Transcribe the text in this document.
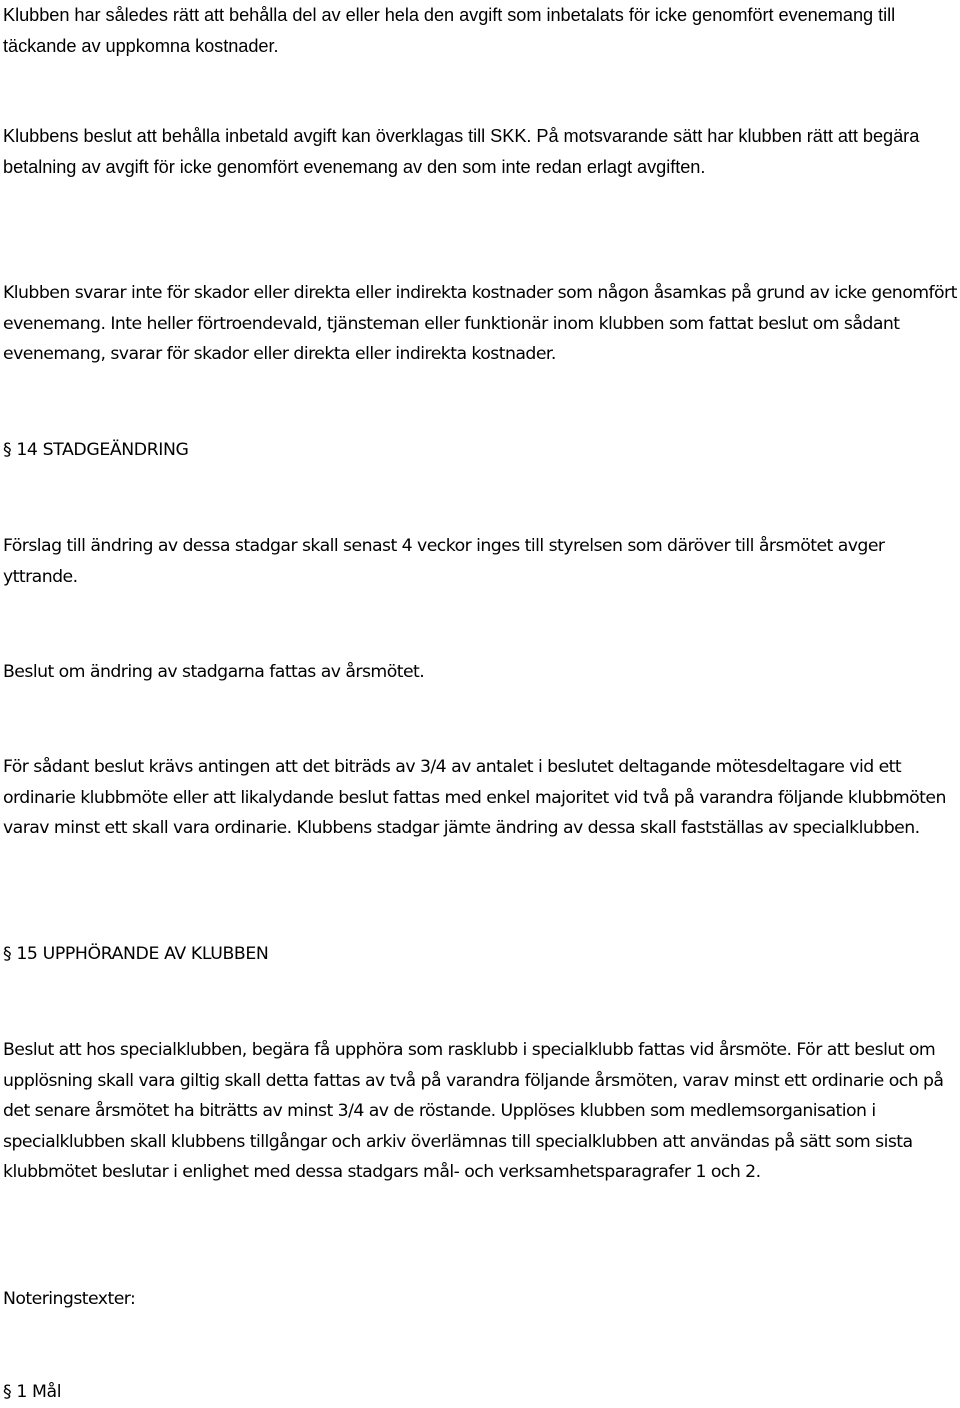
Klubben har således rätt att behålla del av eller hela den avgift som inbetalats för icke genomfört evenemang till täckande av uppkomna kostnader.

Klubbens beslut att behålla inbetald avgift kan överklagas till SKK. På motsvarande sätt har klubben rätt att begära betalning av avgift för icke genomfört evenemang av den som inte redan erlagt avgiften.

Klubben svarar inte för skador eller direkta eller indirekta kostnader som någon åsamkas på grund av icke genomfört evenemang. Inte heller förtroendevald, tjänsteman eller funktionär inom klubben som fattat beslut om sådant evenemang, svarar för skador eller direkta eller indirekta kostnader.

§ 14 STADGEÄNDRING

Förslag till ändring av dessa stadgar skall senast 4 veckor inges till styrelsen som däröver till årsmötet avger yttrande.

Beslut om ändring av stadgarna fattas av årsmötet.

För sådant beslut krävs antingen att det biträds av 3/4 av antalet i beslutet deltagande mötesdeltagare vid ett ordinarie klubbmöte eller att likalydande beslut fattas med enkel majoritet vid två på varandra följande klubbmöten varav minst ett skall vara ordinarie. Klubbens stadgar jämte ändring av dessa skall fastställas av specialklubben.

§ 15 UPPHÖRANDE AV KLUBBEN

Beslut att hos specialklubben, begära få upphöra som rasklubb i specialklubb fattas vid årsmöte. För att beslut om upplösning skall vara giltig skall detta fattas av två på varandra följande årsmöten, varav minst ett ordinarie och på det senare årsmötet ha biträtts av minst 3/4 av de röstande. Upplöses klubben som medlemsorganisation i specialklubben skall klubbens tillgångar och arkiv överlämnas till specialklubben att användas på sätt som sista klubbmötet beslutar i enlighet med dessa stadgars mål- och verksamhetsparagrafer 1 och 2.

Noteringstexter:

§ 1 Mål
